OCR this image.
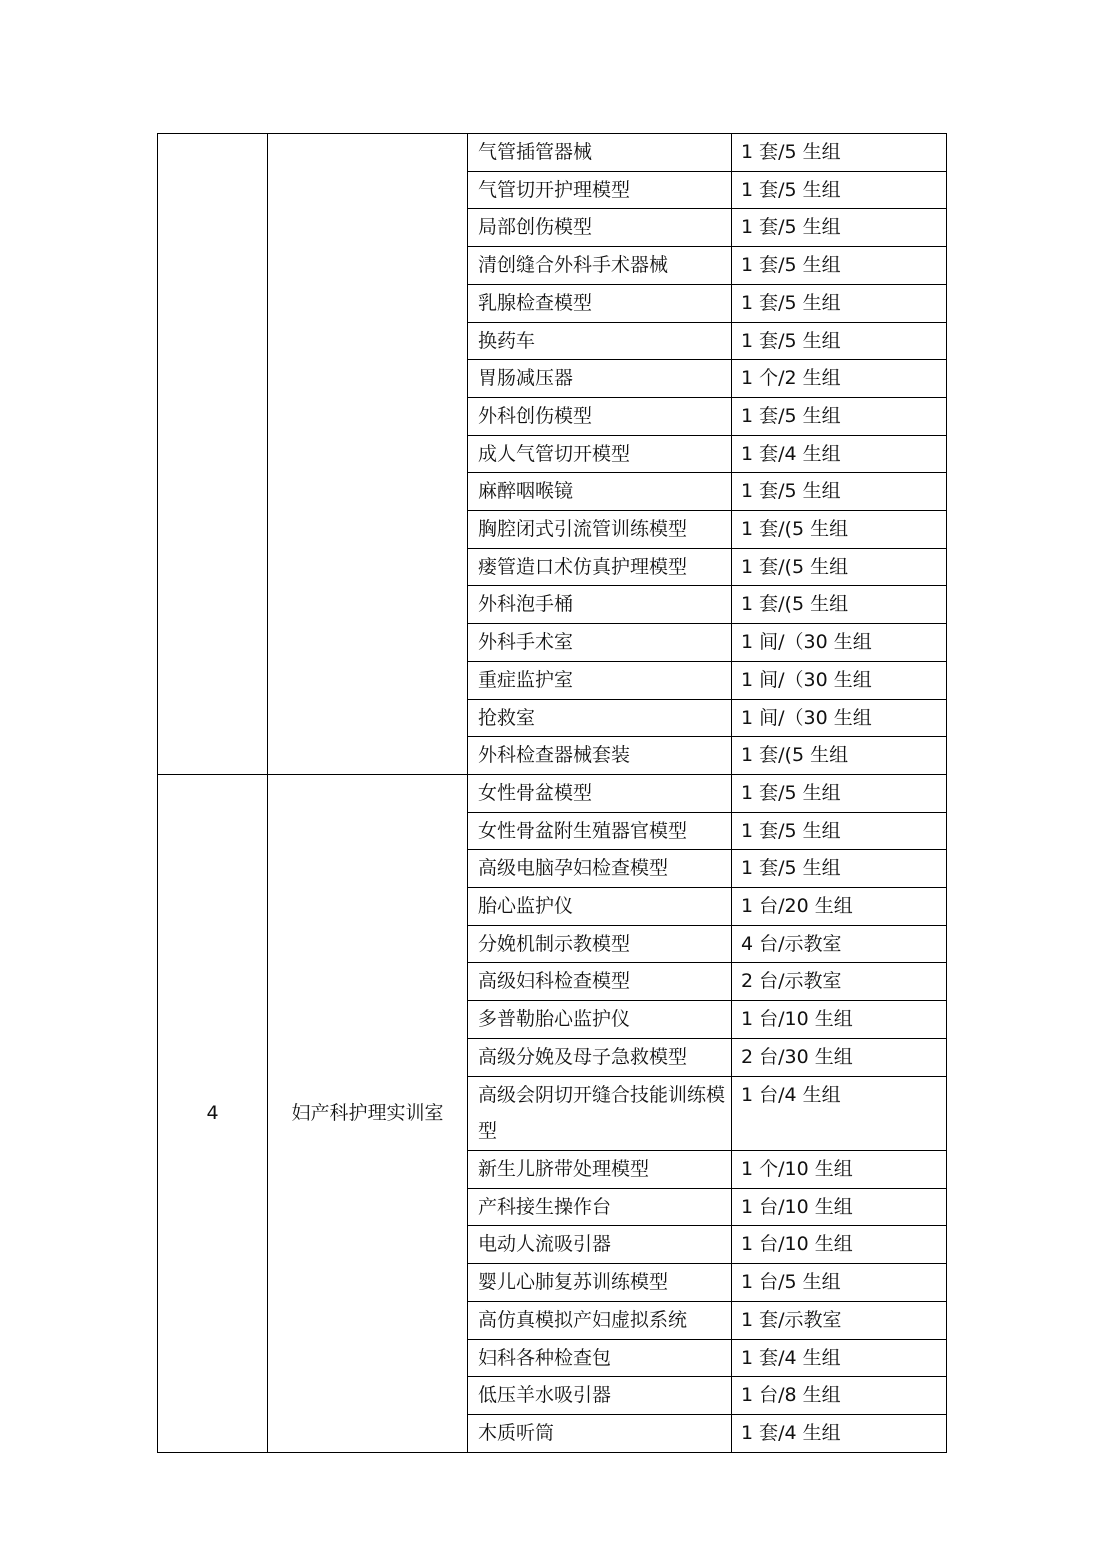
		气管插管器械	1 套/5 生组
		气管切开护理模型	1 套/5 生组
		局部创伤模型	1 套/5 生组
		清创缝合外科手术器械	1 套/5 生组
		乳腺检查模型	1 套/5 生组
		换药车	1 套/5 生组
		胃肠减压器	1 个/2 生组
		外科创伤模型	1 套/5 生组
		成人气管切开模型	1 套/4 生组
		麻醉咽喉镜	1 套/5 生组
		胸腔闭式引流管训练模型	1 套/(5 生组
		瘘管造口术仿真护理模型	1 套/(5 生组
		外科泡手桶	1 套/(5 生组
		外科手术室	1 间/（30 生组
		重症监护室	1 间/（30 生组
		抢救室	1 间/（30 生组
		外科检查器械套装	1 套/(5 生组
4	妇产科护理实训室	女性骨盆模型	1 套/5 生组
		女性骨盆附生殖器官模型	1 套/5 生组
		高级电脑孕妇检查模型	1 套/5 生组
		胎心监护仪	1 台/20 生组
		分娩机制示教模型	4 台/示教室
		高级妇科检查模型	2 台/示教室
		多普勒胎心监护仪	1 台/10 生组
		高级分娩及母子急救模型	2 台/30 生组
		高级会阴切开缝合技能训练模型	1 台/4 生组
		新生儿脐带处理模型	1 个/10 生组
		产科接生操作台	1 台/10 生组
		电动人流吸引器	1 台/10 生组
		婴儿心肺复苏训练模型	1 台/5 生组
		高仿真模拟产妇虚拟系统	1 套/示教室
		妇科各种检查包	1 套/4 生组
		低压羊水吸引器	1 台/8 生组
		木质听筒	1 套/4 生组
